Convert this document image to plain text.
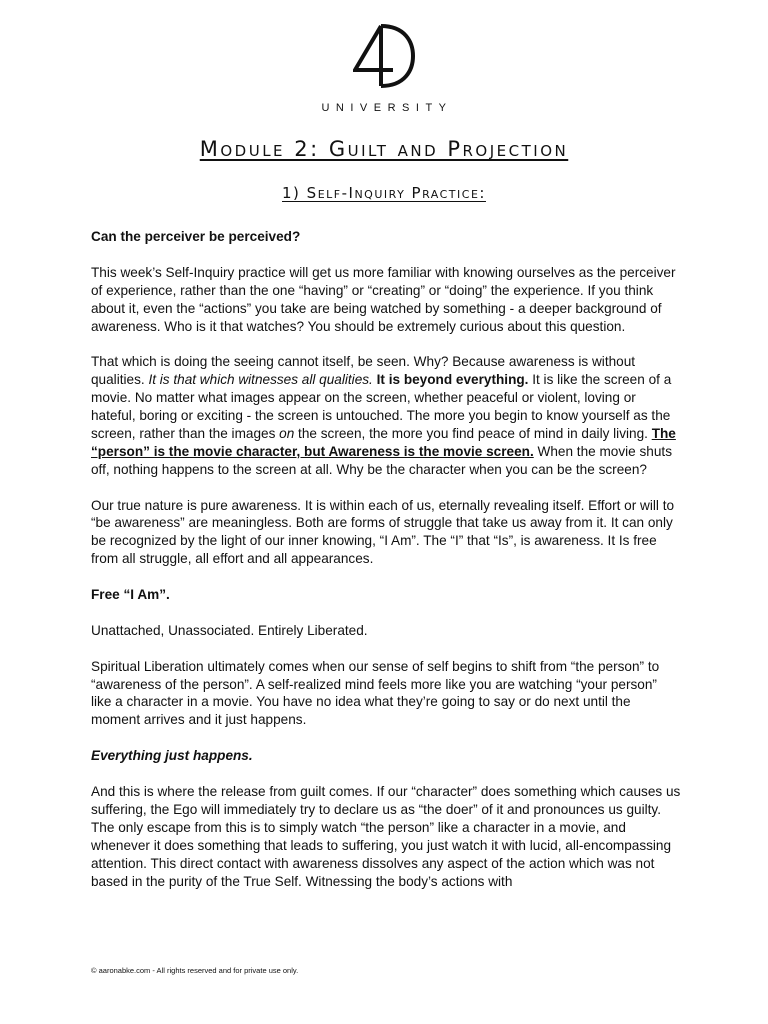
UNIVERSITY
Module 2: Guilt and Projection
1) Self-Inquiry Practice:

Can the perceiver be perceived?

This week’s Self-Inquiry practice will get us more familiar with knowing ourselves as the perceiver of experience, rather than the one “having” or “creating” or “doing” the experience. If you think about it, even the “actions” you take are being watched by something - a deeper background of awareness. Who is it that watches? You should be extremely curious about this question.

That which is doing the seeing cannot itself, be seen. Why? Because awareness is without qualities. It is that which witnesses all qualities. It is beyond everything. It is like the screen of a movie. No matter what images appear on the screen, whether peaceful or violent, loving or hateful, boring or exciting - the screen is untouched. The more you begin to know yourself as the screen, rather than the images on the screen, the more you find peace of mind in daily living. The “person” is the movie character, but Awareness is the movie screen. When the movie shuts off, nothing happens to the screen at all. Why be the character when you can be the screen?

Our true nature is pure awareness. It is within each of us, eternally revealing itself. Effort or will to “be awareness” are meaningless. Both are forms of struggle that take us away from it. It can only be recognized by the light of our inner knowing, “I Am”. The “I” that “Is”, is awareness. It Is free from all struggle, all effort and all appearances.

Free “I Am”.

Unattached, Unassociated. Entirely Liberated.

Spiritual Liberation ultimately comes when our sense of self begins to shift from “the person” to “awareness of the person”. A self-realized mind feels more like you are watching “your person” like a character in a movie. You have no idea what they’re going to say or do next until the moment arrives and it just happens.

Everything just happens.

And this is where the release from guilt comes. If our “character” does something which causes us suffering, the Ego will immediately try to declare us as “the doer” of it and pronounces us guilty. The only escape from this is to simply watch “the person” like a character in a movie, and whenever it does something that leads to suffering, you just watch it with lucid, all-encompassing attention. This direct contact with awareness dissolves any aspect of the action which was not based in the purity of the True Self. Witnessing the body’s actions with

© aaronabke.com - All rights reserved and for private use only.
